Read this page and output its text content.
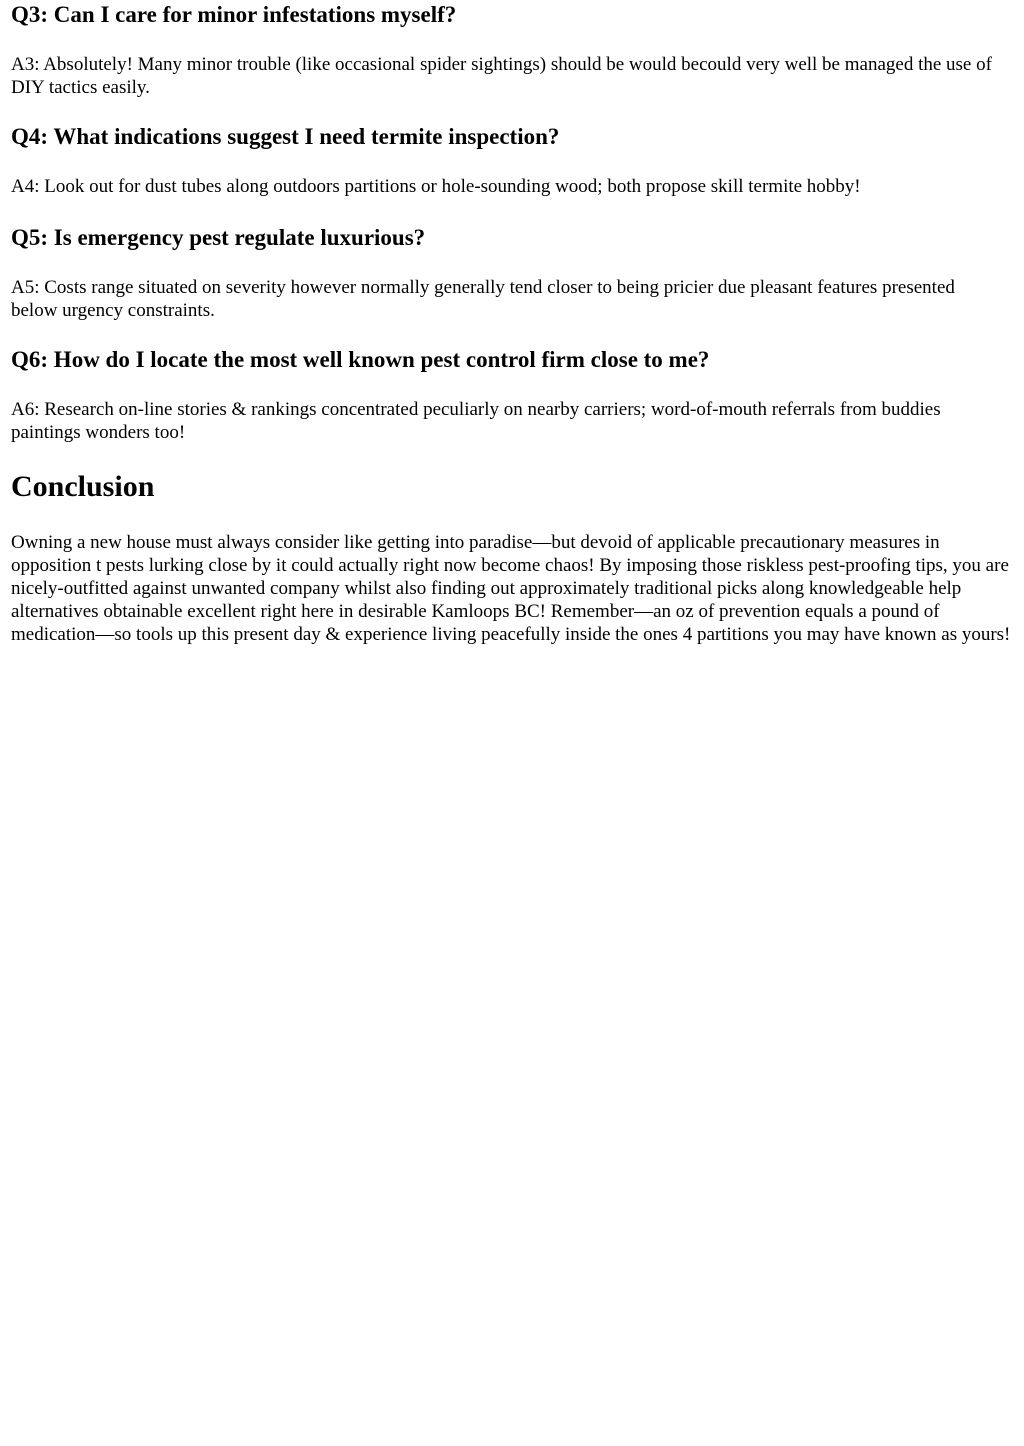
Q3: Can I care for minor infestations myself?

A3: Absolutely! Many minor trouble (like occasional spider sightings) should be would becould very well be managed the use of DIY tactics easily.

Q4: What indications suggest I need termite inspection?

A4: Look out for dust tubes along outdoors partitions or hole-sounding wood; both propose skill termite hobby!

Q5: Is emergency pest regulate luxurious?

A5: Costs range situated on severity however normally generally tend closer to being pricier due pleasant features presented below urgency constraints.

Q6: How do I locate the most well known pest control firm close to me?

A6: Research on-line stories & rankings concentrated peculiarly on nearby carriers; word-of-mouth referrals from buddies paintings wonders too!

Conclusion

Owning a new house must always consider like getting into paradise—but devoid of applicable precautionary measures in opposition t pests lurking close by it could actually right now become chaos! By imposing those riskless pest-proofing tips, you are nicely-outfitted against unwanted company whilst also finding out approximately traditional picks along knowledgeable help alternatives obtainable excellent right here in desirable Kamloops BC! Remember—an oz of prevention equals a pound of medication—so tools up this present day & experience living peacefully inside the ones 4 partitions you may have known as yours!
